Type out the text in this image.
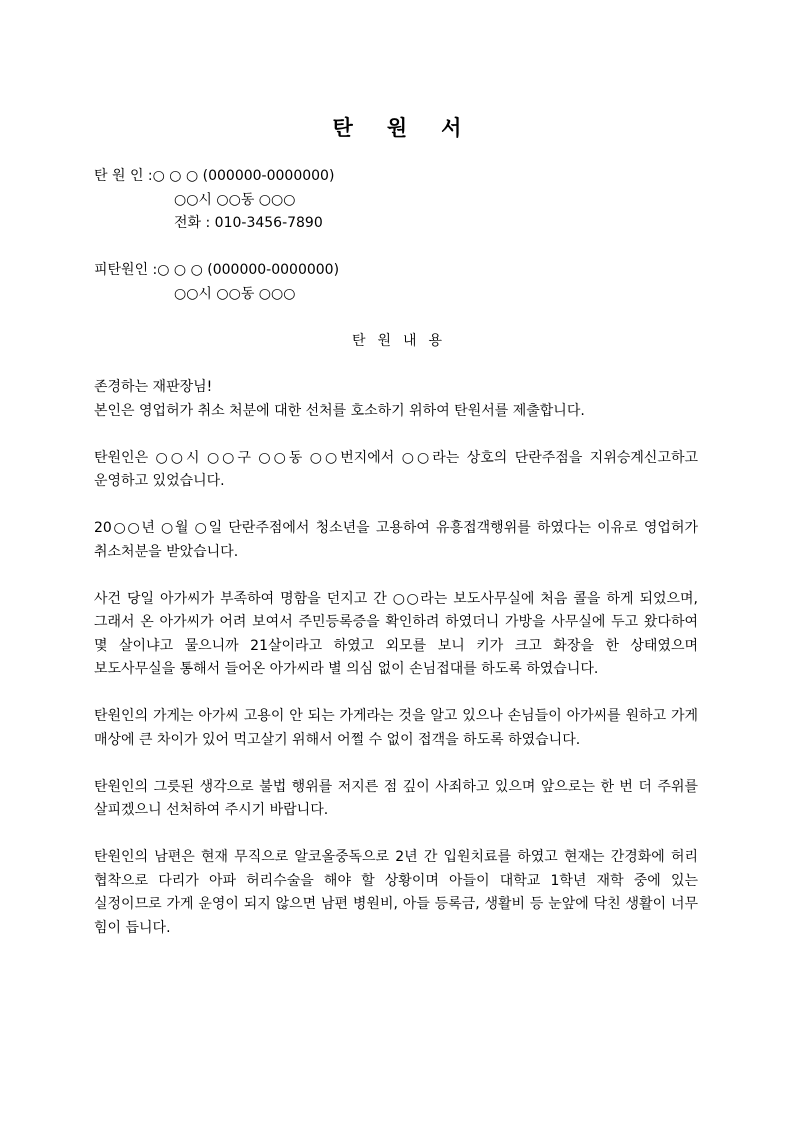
탄 원 서
탄 원 인 : ○ ○ ○ (000000-0000000)
○○시 ○○동 ○○○
전화 : 010-3456-7890
피탄원인 : ○ ○ ○ (000000-0000000)
○○시 ○○동 ○○○
탄 원 내 용

존경하는 재판장님!

본인은 영업허가 취소 처분에 대한 선처를 호소하기 위하여 탄원서를 제출합니다.

탄원인은 ○○시 ○○구 ○○동 ○○번지에서 ○○라는 상호의 단란주점을 지위승계신고하고 운영하고 있었습니다.

20○○년 ○월 ○일 단란주점에서 청소년을 고용하여 유흥접객행위를 하였다는 이유로 영업허가 취소처분을 받았습니다.

사건 당일 아가씨가 부족하여 명함을 던지고 간 ○○라는 보도사무실에 처음 콜을 하게 되었으며, 그래서 온 아가씨가 어려 보여서 주민등록증을 확인하려 하였더니 가방을 사무실에 두고 왔다하여 몇 살이냐고 물으니까 21살이라고 하였고 외모를 보니 키가 크고 화장을 한 상태였으며 보도사무실을 통해서 들어온 아가씨라 별 의심 없이 손님접대를 하도록 하였습니다.

탄원인의 가게는 아가씨 고용이 안 되는 가게라는 것을 알고 있으나 손님들이 아가씨를 원하고 가게 매상에 큰 차이가 있어 먹고살기 위해서 어쩔 수 없이 접객을 하도록 하였습니다.

탄원인의 그릇된 생각으로 불법 행위를 저지른 점 깊이 사죄하고 있으며 앞으로는 한 번 더 주위를 살피겠으니 선처하여 주시기 바랍니다.

탄원인의 남편은 현재 무직으로 알코올중독으로 2년 간 입원치료를 하였고 현재는 간경화에 허리 협착으로 다리가 아파 허리수술을 해야 할 상황이며 아들이 대학교 1학년 재학 중에 있는 실정이므로 가게 운영이 되지 않으면 남편 병원비, 아들 등록금, 생활비 등 눈앞에 닥친 생활이 너무 힘이 듭니다.
